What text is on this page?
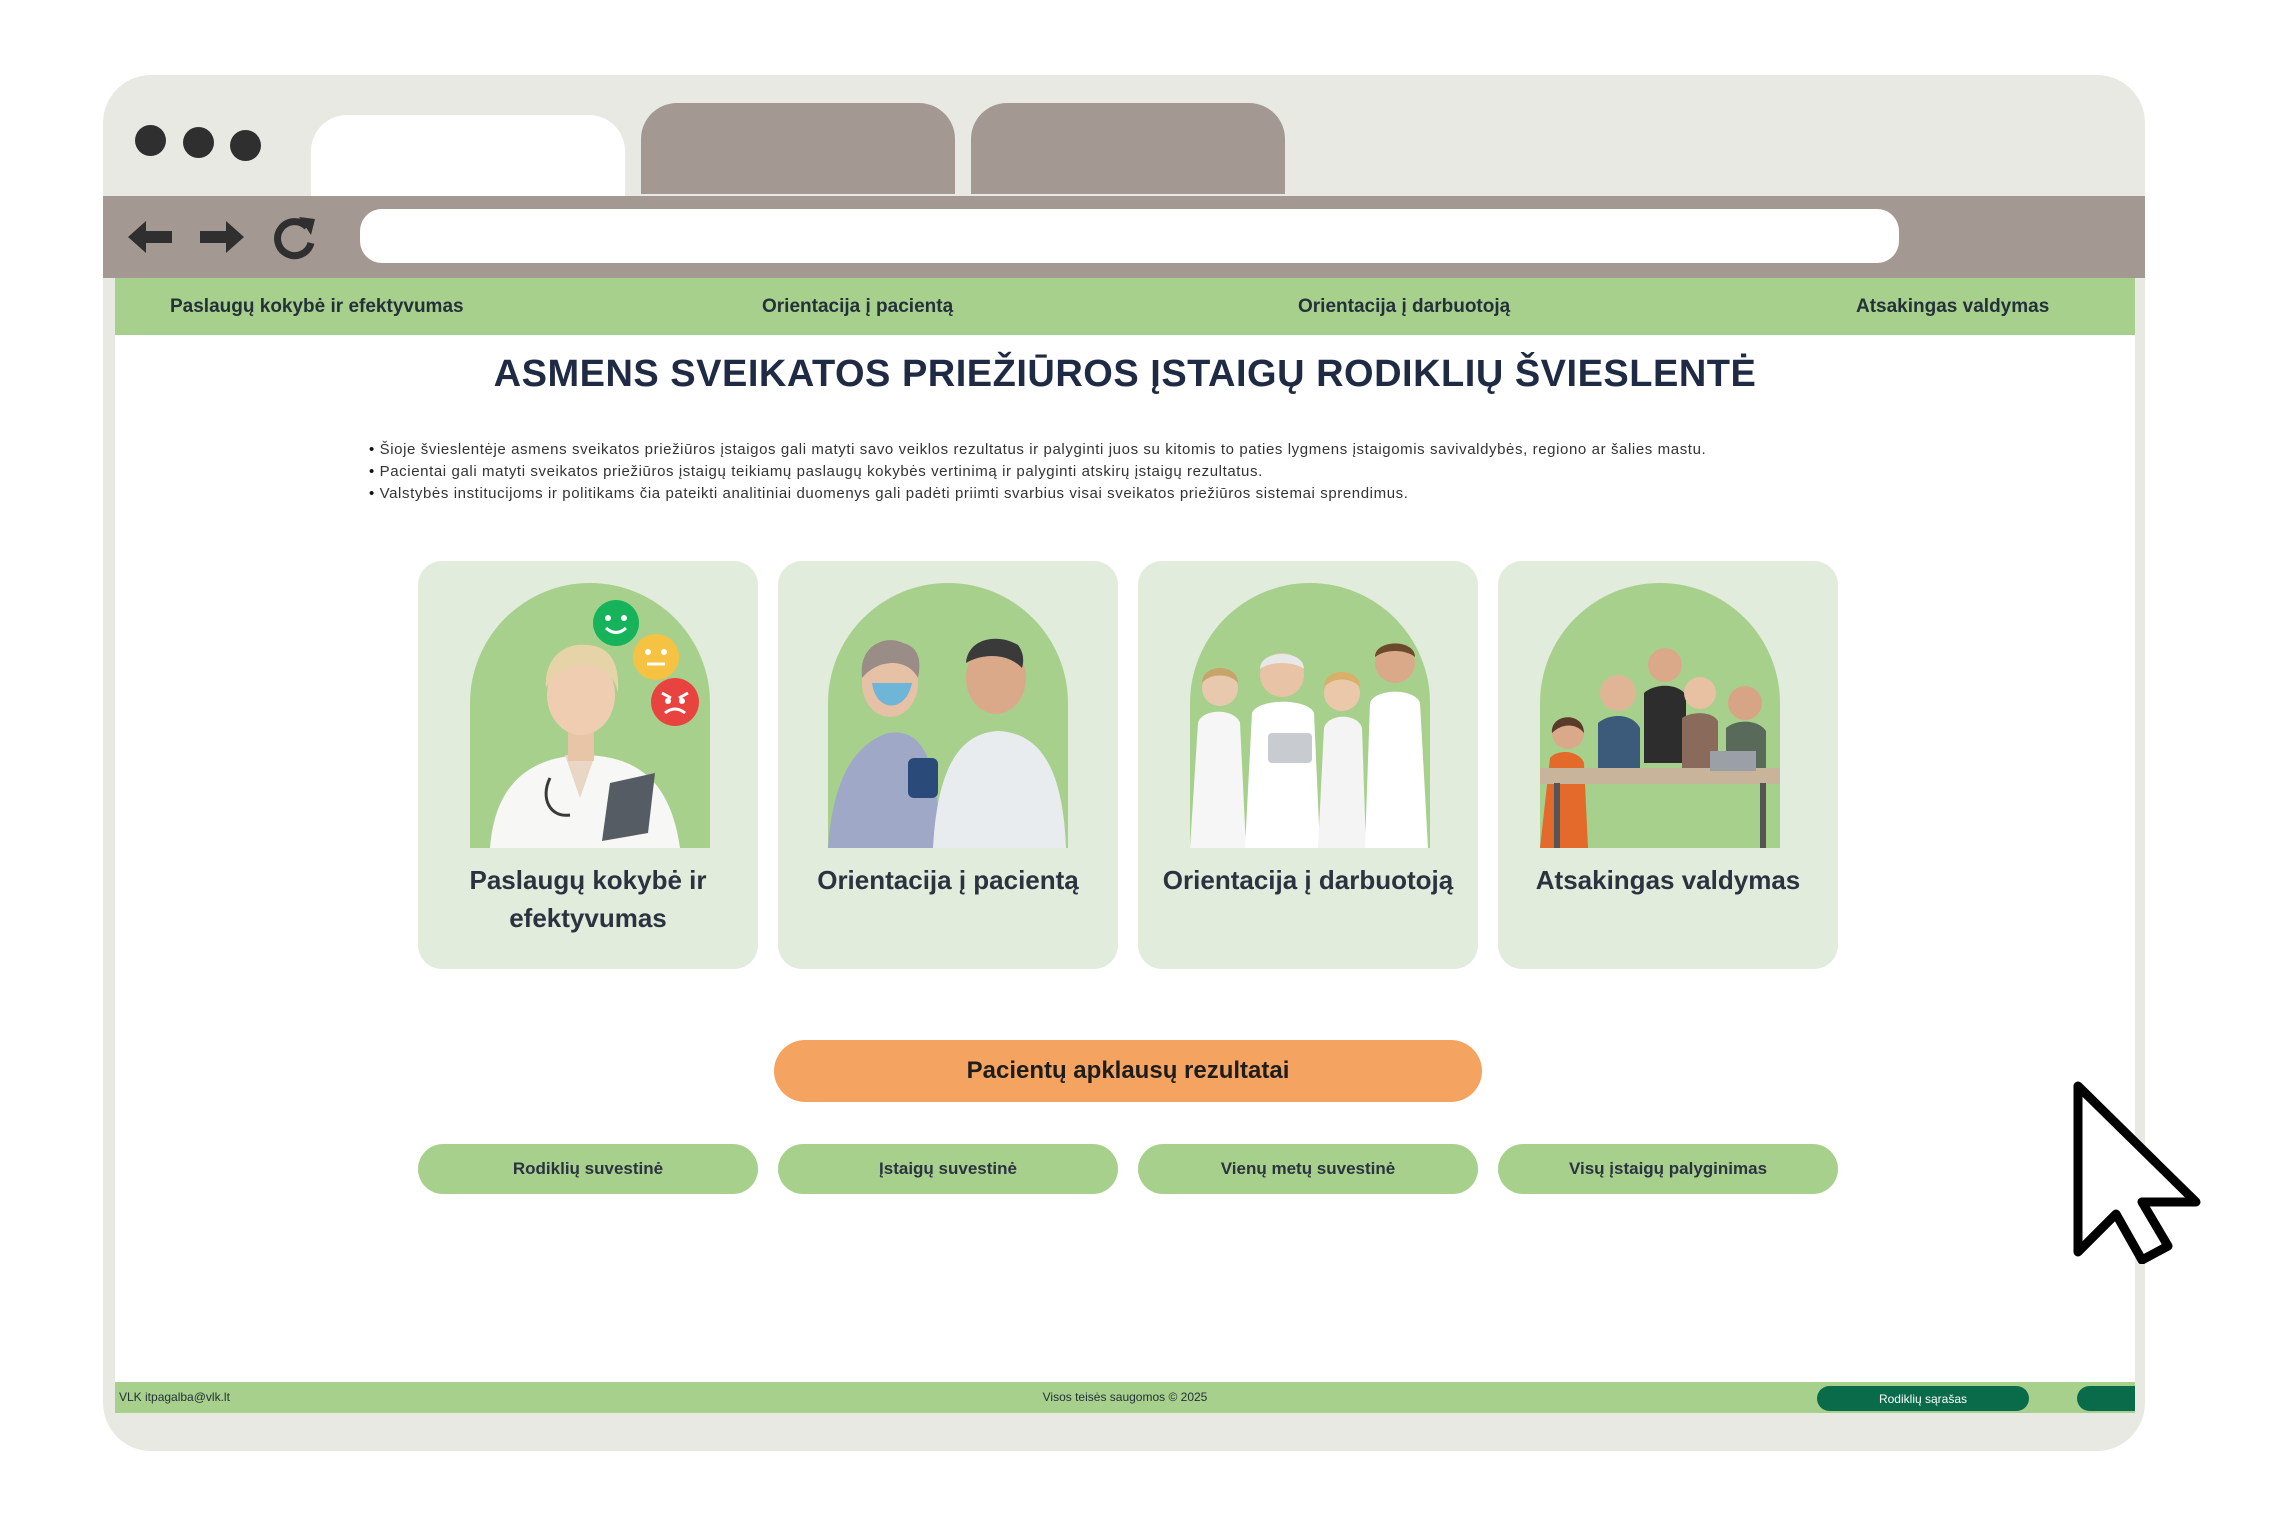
Paslaugų kokybė ir efektyvumas	Orientacija į pacientą	Orientacija į darbuotoją	Atsakingas valdymas
ASMENS SVEIKATOS PRIEŽIŪROS ĮSTAIGŲ RODIKLIŲ ŠVIESLENTĖ
• Šioje švieslentėje asmens sveikatos priežiūros įstaigos gali matyti savo veiklos rezultatus ir palyginti juos su kitomis to paties lygmens įstaigomis savivaldybės, regiono ar šalies mastu.
• Pacientai gali matyti sveikatos priežiūros įstaigų teikiamų paslaugų kokybės vertinimą ir palyginti atskirų įstaigų rezultatus.
• Valstybės institucijoms ir politikams čia pateikti analitiniai duomenys gali padėti priimti svarbius visai sveikatos priežiūros sistemai sprendimus.
Paslaugų kokybė ir efektyvumas
Orientacija į pacientą	Orientacija į darbuotoją	Atsakingas valdymas
Pacientų apklausų rezultatai
Rodiklių suvestinė	Įstaigų suvestinė	Vienų metų suvestinė	Visų įstaigų palyginimas
Visos teisės saugomos © 2025
VLK itpagalba@vlk.lt	Rodiklių sąrašas
